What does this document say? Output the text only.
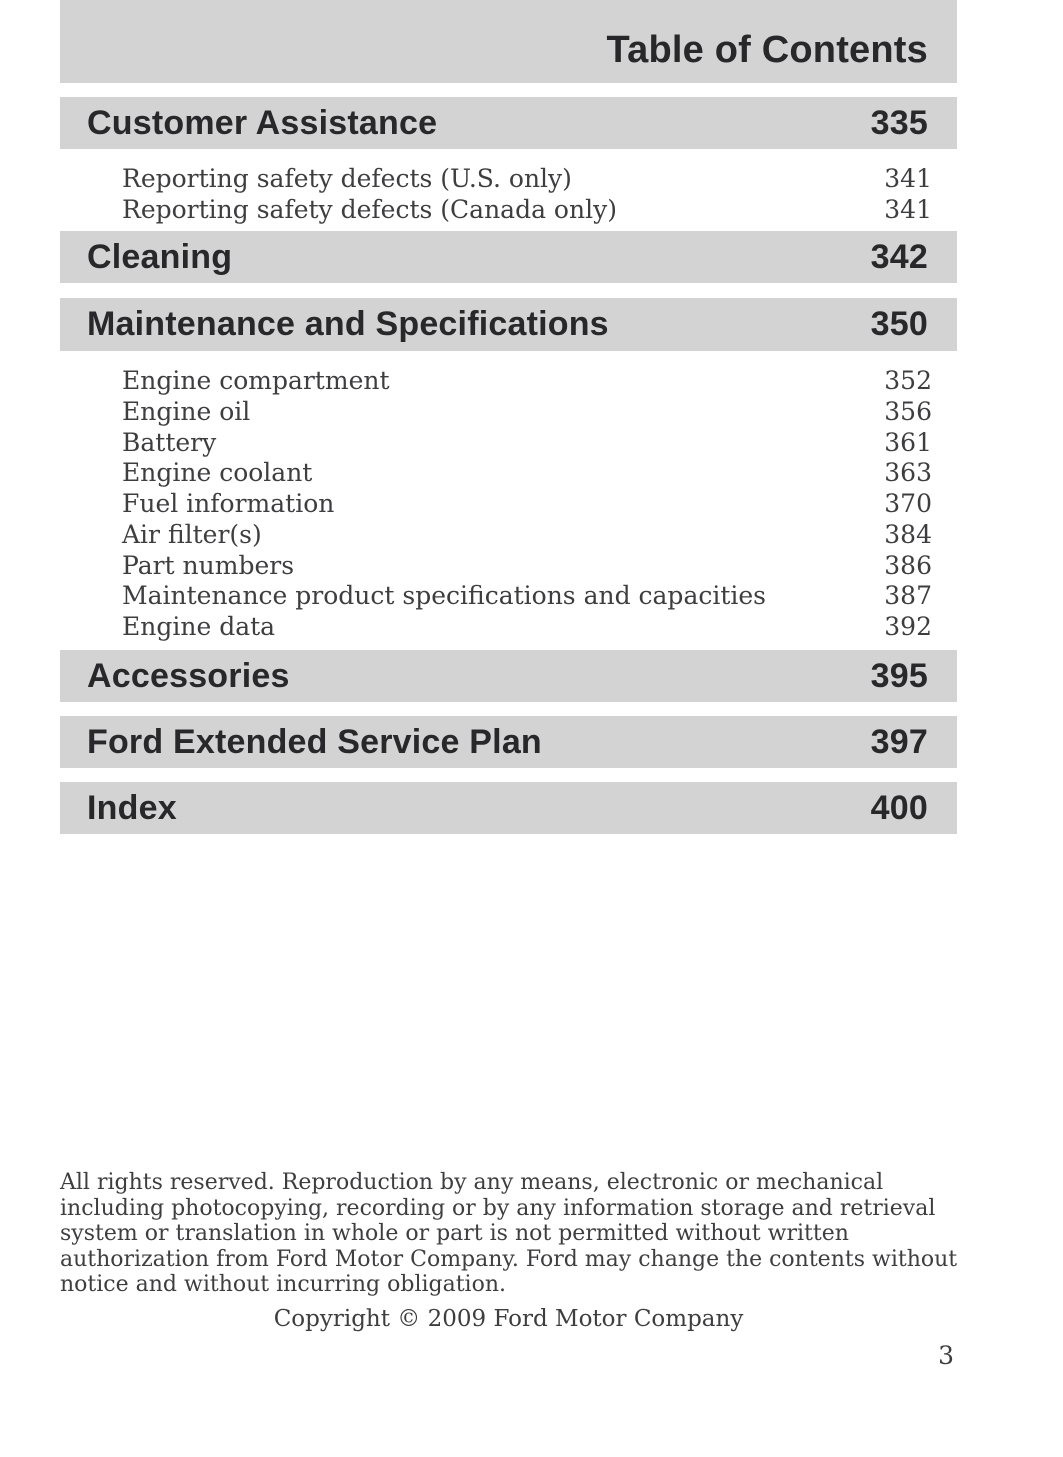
Table of Contents
Customer Assistance	335
Reporting safety defects (U.S. only)	341
Reporting safety defects (Canada only)	341
Cleaning	342
Maintenance and Specifications	350
Engine compartment	352
Engine oil	356
Battery	361
Engine coolant	363
Fuel information	370
Air filter(s)	384
Part numbers	386
Maintenance product specifications and capacities	387
Engine data	392
Accessories	395
Ford Extended Service Plan	397
Index	400
All rights reserved. Reproduction by any means, electronic or mechanical
including photocopying, recording or by any information storage and retrieval
system or translation in whole or part is not permitted without written
authorization from Ford Motor Company. Ford may change the contents without
notice and without incurring obligation.
Copyright © 2009 Ford Motor Company
3
